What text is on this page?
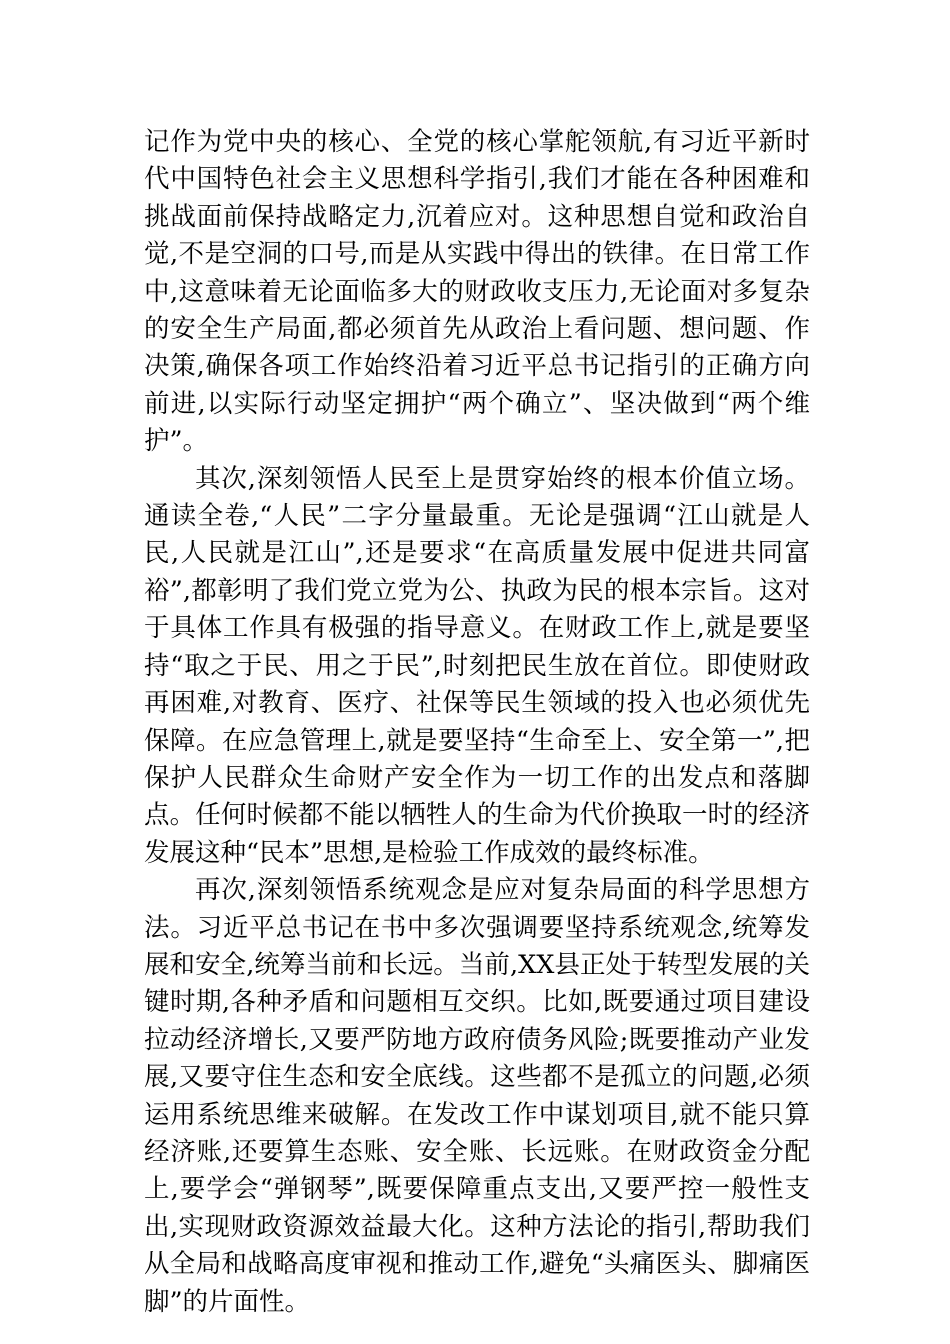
记作为党中央的核心、全党的核心掌舵领航,有习近平新时代中国特色社会主义思想科学指引,我们才能在各种困难和挑战面前保持战略定力,沉着应对。这种思想自觉和政治自觉,不是空洞的口号,而是从实践中得出的铁律。在日常工作中,这意味着无论面临多大的财政收支压力,无论面对多复杂的安全生产局面,都必须首先从政治上看问题、想问题、作决策,确保各项工作始终沿着习近平总书记指引的正确方向前进,以实际行动坚定拥护“两个确立”、坚决做到“两个维护”。

其次,深刻领悟人民至上是贯穿始终的根本价值立场。通读全卷,“人民”二字分量最重。无论是强调“江山就是人民,人民就是江山”,还是要求“在高质量发展中促进共同富裕”,都彰明了我们党立党为公、执政为民的根本宗旨。这对于具体工作具有极强的指导意义。在财政工作上,就是要坚持“取之于民、用之于民”,时刻把民生放在首位。即使财政再困难,对教育、医疗、社保等民生领域的投入也必须优先保障。在应急管理上,就是要坚持“生命至上、安全第一”,把保护人民群众生命财产安全作为一切工作的出发点和落脚点。任何时候都不能以牺牲人的生命为代价换取一时的经济发展这种“民本”思想,是检验工作成效的最终标准。

再次,深刻领悟系统观念是应对复杂局面的科学思想方法。习近平总书记在书中多次强调要坚持系统观念,统筹发展和安全,统筹当前和长远。当前,XX县正处于转型发展的关键时期,各种矛盾和问题相互交织。比如,既要通过项目建设拉动经济增长,又要严防地方政府债务风险;既要推动产业发展,又要守住生态和安全底线。这些都不是孤立的问题,必须运用系统思维来破解。在发改工作中谋划项目,就不能只算经济账,还要算生态账、安全账、长远账。在财政资金分配上,要学会“弹钢琴”,既要保障重点支出,又要严控一般性支出,实现财政资源效益最大化。这种方法论的指引,帮助我们从全局和战略高度审视和推动工作,避免“头痛医头、脚痛医脚”的片面性。
